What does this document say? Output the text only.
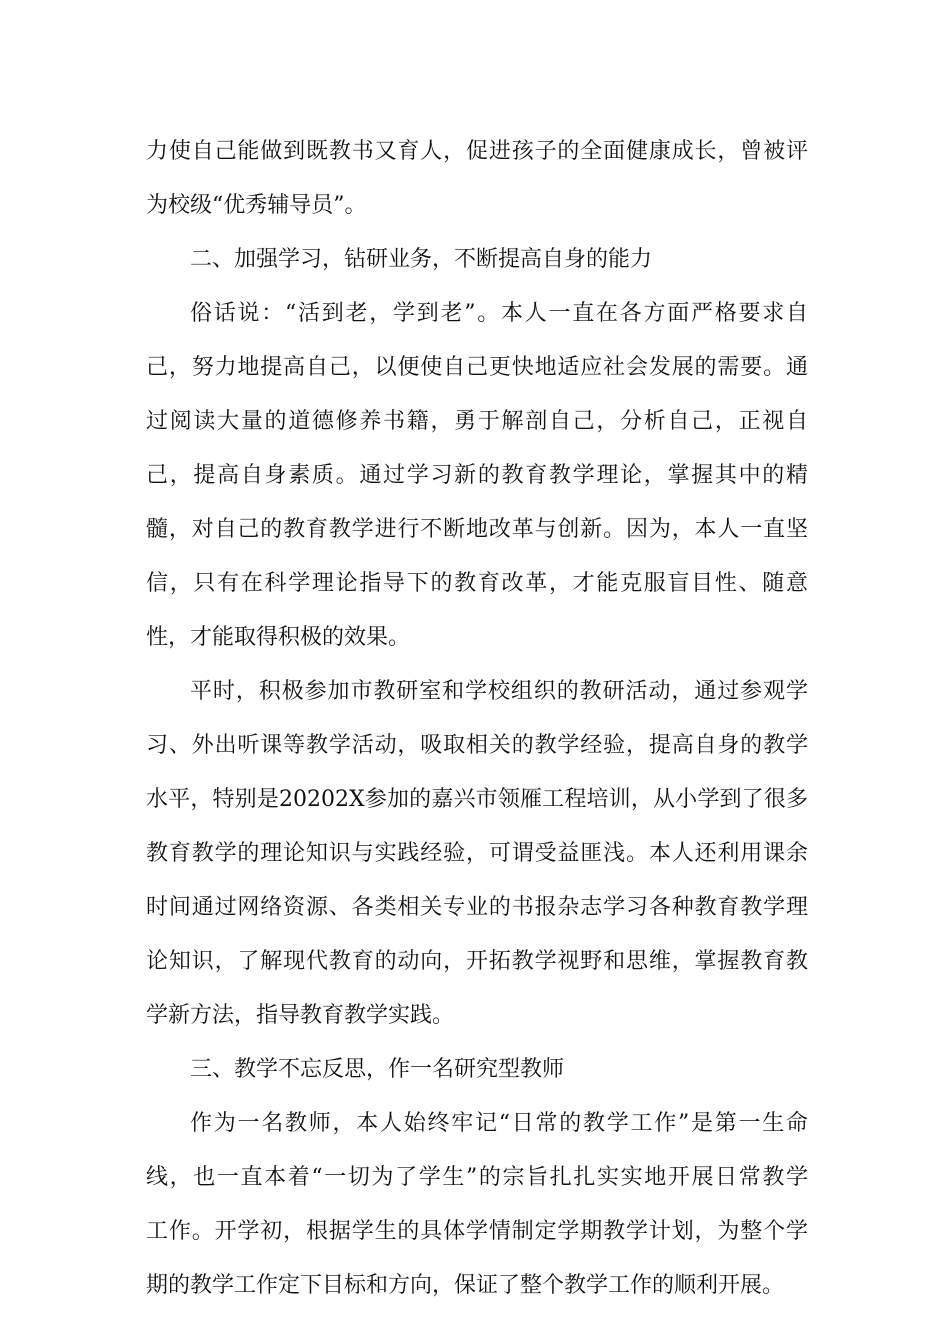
力使自己能做到既教书又育人，促进孩子的全面健康成长，曾被评
为校级“优秀辅导员”。
二、加强学习，钻研业务，不断提高自身的能力
俗话说：“活到老，学到老”。本人一直在各方面严格要求自
己，努力地提高自己，以便使自己更快地适应社会发展的需要。通
过阅读大量的道德修养书籍，勇于解剖自己，分析自己，正视自
己，提高自身素质。通过学习新的教育教学理论，掌握其中的精
髓，对自己的教育教学进行不断地改革与创新。因为，本人一直坚
信，只有在科学理论指导下的教育改革，才能克服盲目性、随意
性，才能取得积极的效果。
平时，积极参加市教研室和学校组织的教研活动，通过参观学
习、外出听课等教学活动，吸取相关的教学经验，提高自身的教学
水平，特别是20202X参加的嘉兴市领雁工程培训，从小学到了很多
教育教学的理论知识与实践经验，可谓受益匪浅。本人还利用课余
时间通过网络资源、各类相关专业的书报杂志学习各种教育教学理
论知识，了解现代教育的动向，开拓教学视野和思维，掌握教育教
学新方法，指导教育教学实践。
三、教学不忘反思，作一名研究型教师
作为一名教师，本人始终牢记“日常的教学工作”是第一生命
线，也一直本着“一切为了学生”的宗旨扎扎实实地开展日常教学
工作。开学初，根据学生的具体学情制定学期教学计划，为整个学
期的教学工作定下目标和方向，保证了整个教学工作的顺利开展。
